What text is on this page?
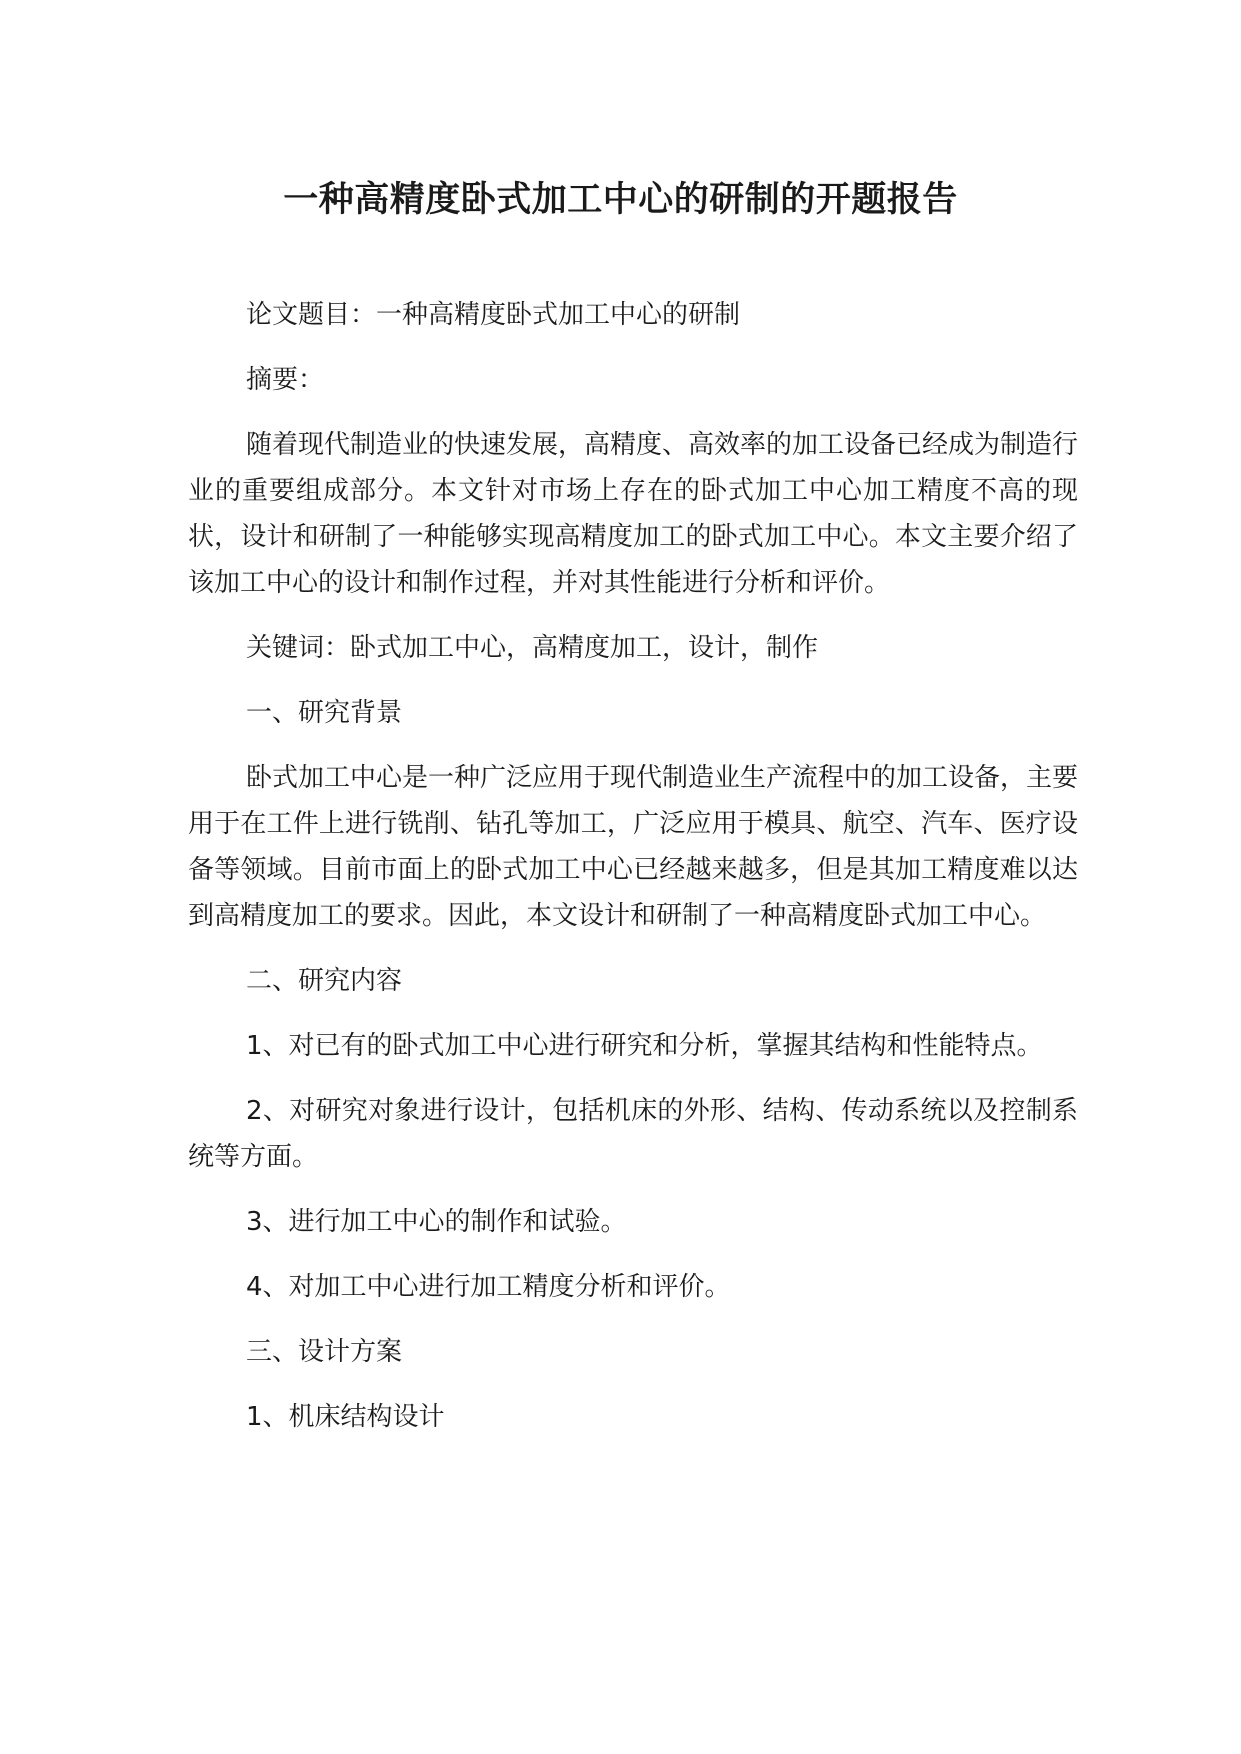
一种高精度卧式加工中心的研制的开题报告

论文题目：一种高精度卧式加工中心的研制

摘要：

随着现代制造业的快速发展，高精度、高效率的加工设备已经成为制造行业的重要组成部分。本文针对市场上存在的卧式加工中心加工精度不高的现状，设计和研制了一种能够实现高精度加工的卧式加工中心。本文主要介绍了该加工中心的设计和制作过程，并对其性能进行分析和评价。

关键词：卧式加工中心，高精度加工，设计，制作

一、研究背景

卧式加工中心是一种广泛应用于现代制造业生产流程中的加工设备，主要用于在工件上进行铣削、钻孔等加工，广泛应用于模具、航空、汽车、医疗设备等领域。目前市面上的卧式加工中心已经越来越多，但是其加工精度难以达到高精度加工的要求。因此，本文设计和研制了一种高精度卧式加工中心。

二、研究内容

1、对已有的卧式加工中心进行研究和分析，掌握其结构和性能特点。

2、对研究对象进行设计，包括机床的外形、结构、传动系统以及控制系统等方面。

3、进行加工中心的制作和试验。

4、对加工中心进行加工精度分析和评价。

三、设计方案

1、机床结构设计
